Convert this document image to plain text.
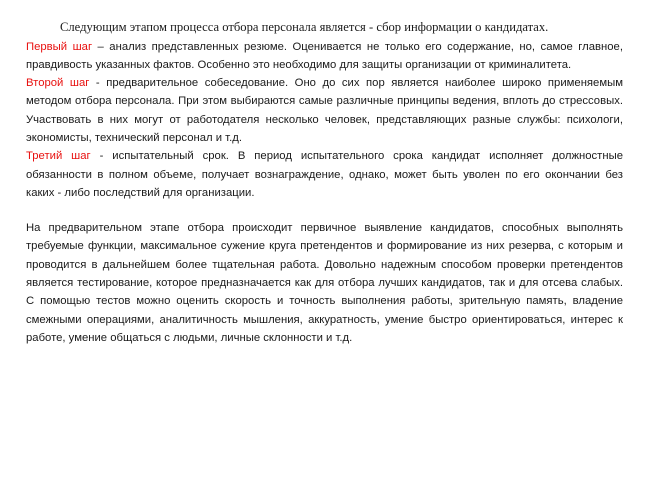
Следующим этапом процесса отбора персонала является - сбор информации о кандидатах.

Первый шаг – анализ представленных резюме. Оценивается не только его содержание, но, самое главное, правдивость указанных фактов. Особенно это необходимо для защиты организации от криминалитета.

Второй шаг - предварительное собеседование. Оно до сих пор является наиболее широко применяемым методом отбора персонала. При этом выбираются самые различные принципы ведения, вплоть до стрессовых. Участвовать в них могут от работодателя несколько человек, представляющих разные службы: психологи, экономисты, технический персонал и т.д.

Третий шаг - испытательный срок. В период испытательного срока кандидат исполняет должностные обязанности в полном объеме, получает вознаграждение, однако, может быть уволен по его окончании без каких - либо последствий для организации.

На предварительном этапе отбора происходит первичное выявление кандидатов, способных выполнять требуемые функции, максимальное сужение круга претендентов и формирование из них резерва, с которым и проводится в дальнейшем более тщательная работа. Довольно надежным способом проверки претендентов является тестирование, которое предназначается как для отбора лучших кандидатов, так и для отсева слабых. С помощью тестов можно оценить скорость и точность выполнения работы, зрительную память, владение смежными операциями, аналитичность мышления, аккуратность, умение быстро ориентироваться, интерес к работе, умение общаться с людьми, личные склонности и т.д.
